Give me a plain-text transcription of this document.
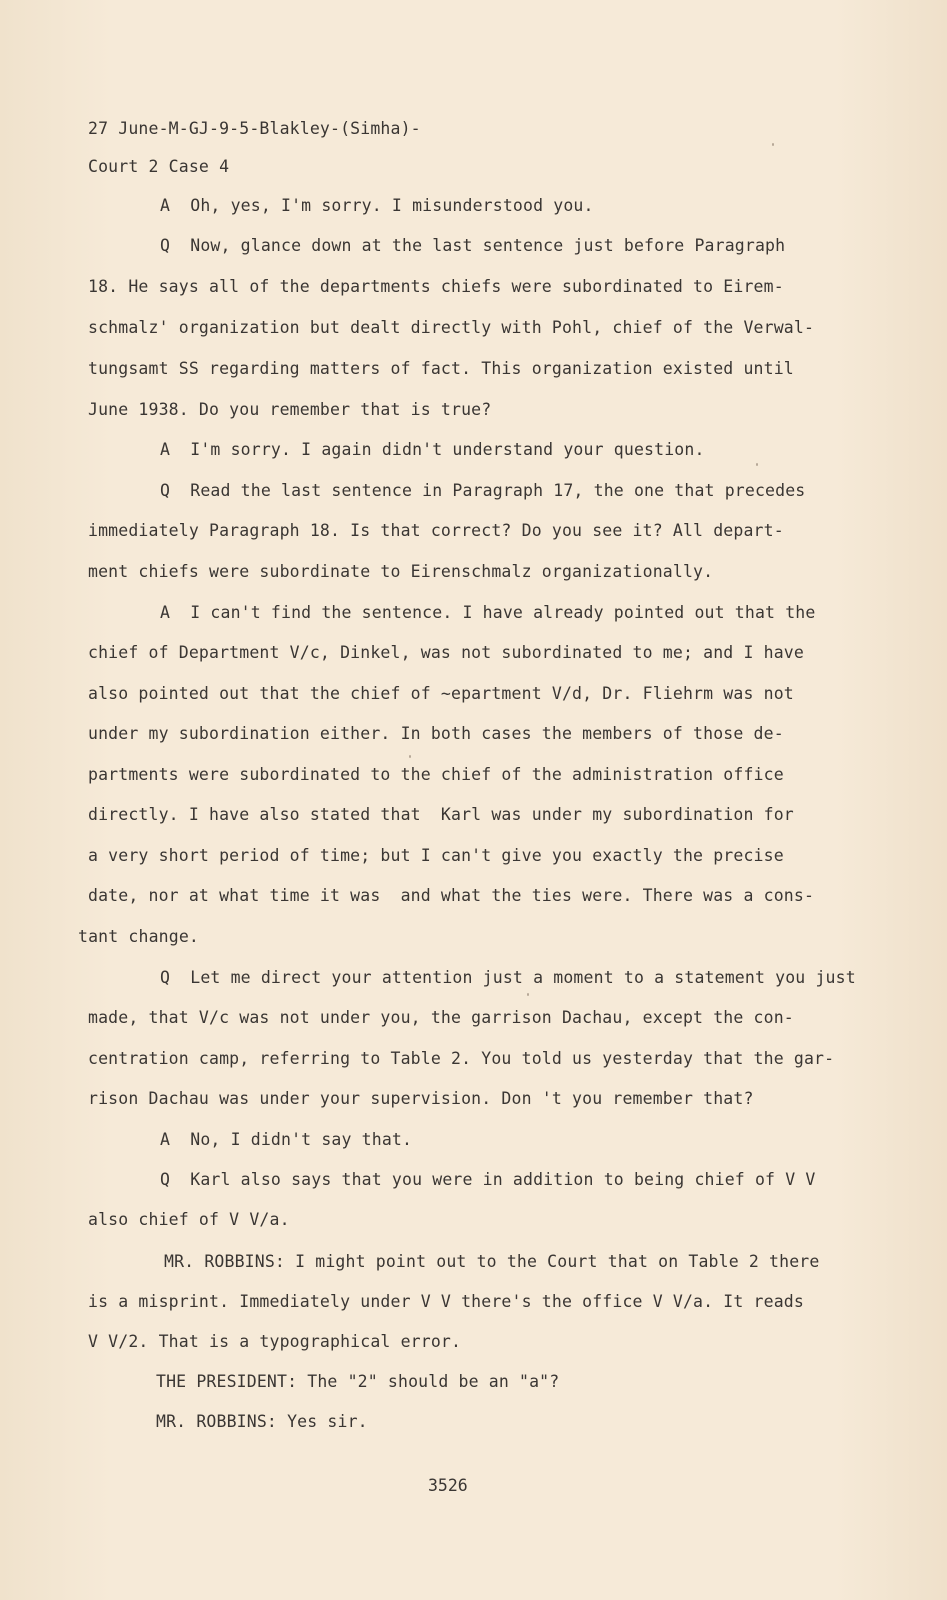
27 June-M-GJ-9-5-Blakley-(Simha)-
Court 2 Case 4
A  Oh, yes, I'm sorry. I misunderstood you.
Q  Now, glance down at the last sentence just before Paragraph
18. He says all of the departments chiefs were subordinated to Eirem-
schmalz' organization but dealt directly with Pohl, chief of the Verwal-
tungsamt SS regarding matters of fact. This organization existed until
June 1938. Do you remember that is true?
A  I'm sorry. I again didn't understand your question.
Q  Read the last sentence in Paragraph 17, the one that precedes
immediately Paragraph 18. Is that correct? Do you see it? All depart-
ment chiefs were subordinate to Eirenschmalz organizationally.
A  I can't find the sentence. I have already pointed out that the
chief of Department V/c, Dinkel, was not subordinated to me; and I have
also pointed out that the chief of ~epartment V/d, Dr. Fliehrm was not
under my subordination either. In both cases the members of those de-
partments were subordinated to the chief of the administration office
directly. I have also stated that  Karl was under my subordination for
a very short period of time; but I can't give you exactly the precise
date, nor at what time it was  and what the ties were. There was a cons-
tant change.
Q  Let me direct your attention just a moment to a statement you just
made, that V/c was not under you, the garrison Dachau, except the con-
centration camp, referring to Table 2. You told us yesterday that the gar-
rison Dachau was under your supervision. Don 't you remember that?
A  No, I didn't say that.
Q  Karl also says that you were in addition to being chief of V V
also chief of V V/a.
MR. ROBBINS: I might point out to the Court that on Table 2 there
is a misprint. Immediately under V V there's the office V V/a. It reads
V V/2. That is a typographical error.
THE PRESIDENT: The "2" should be an "a"?
MR. ROBBINS: Yes sir.
3526
